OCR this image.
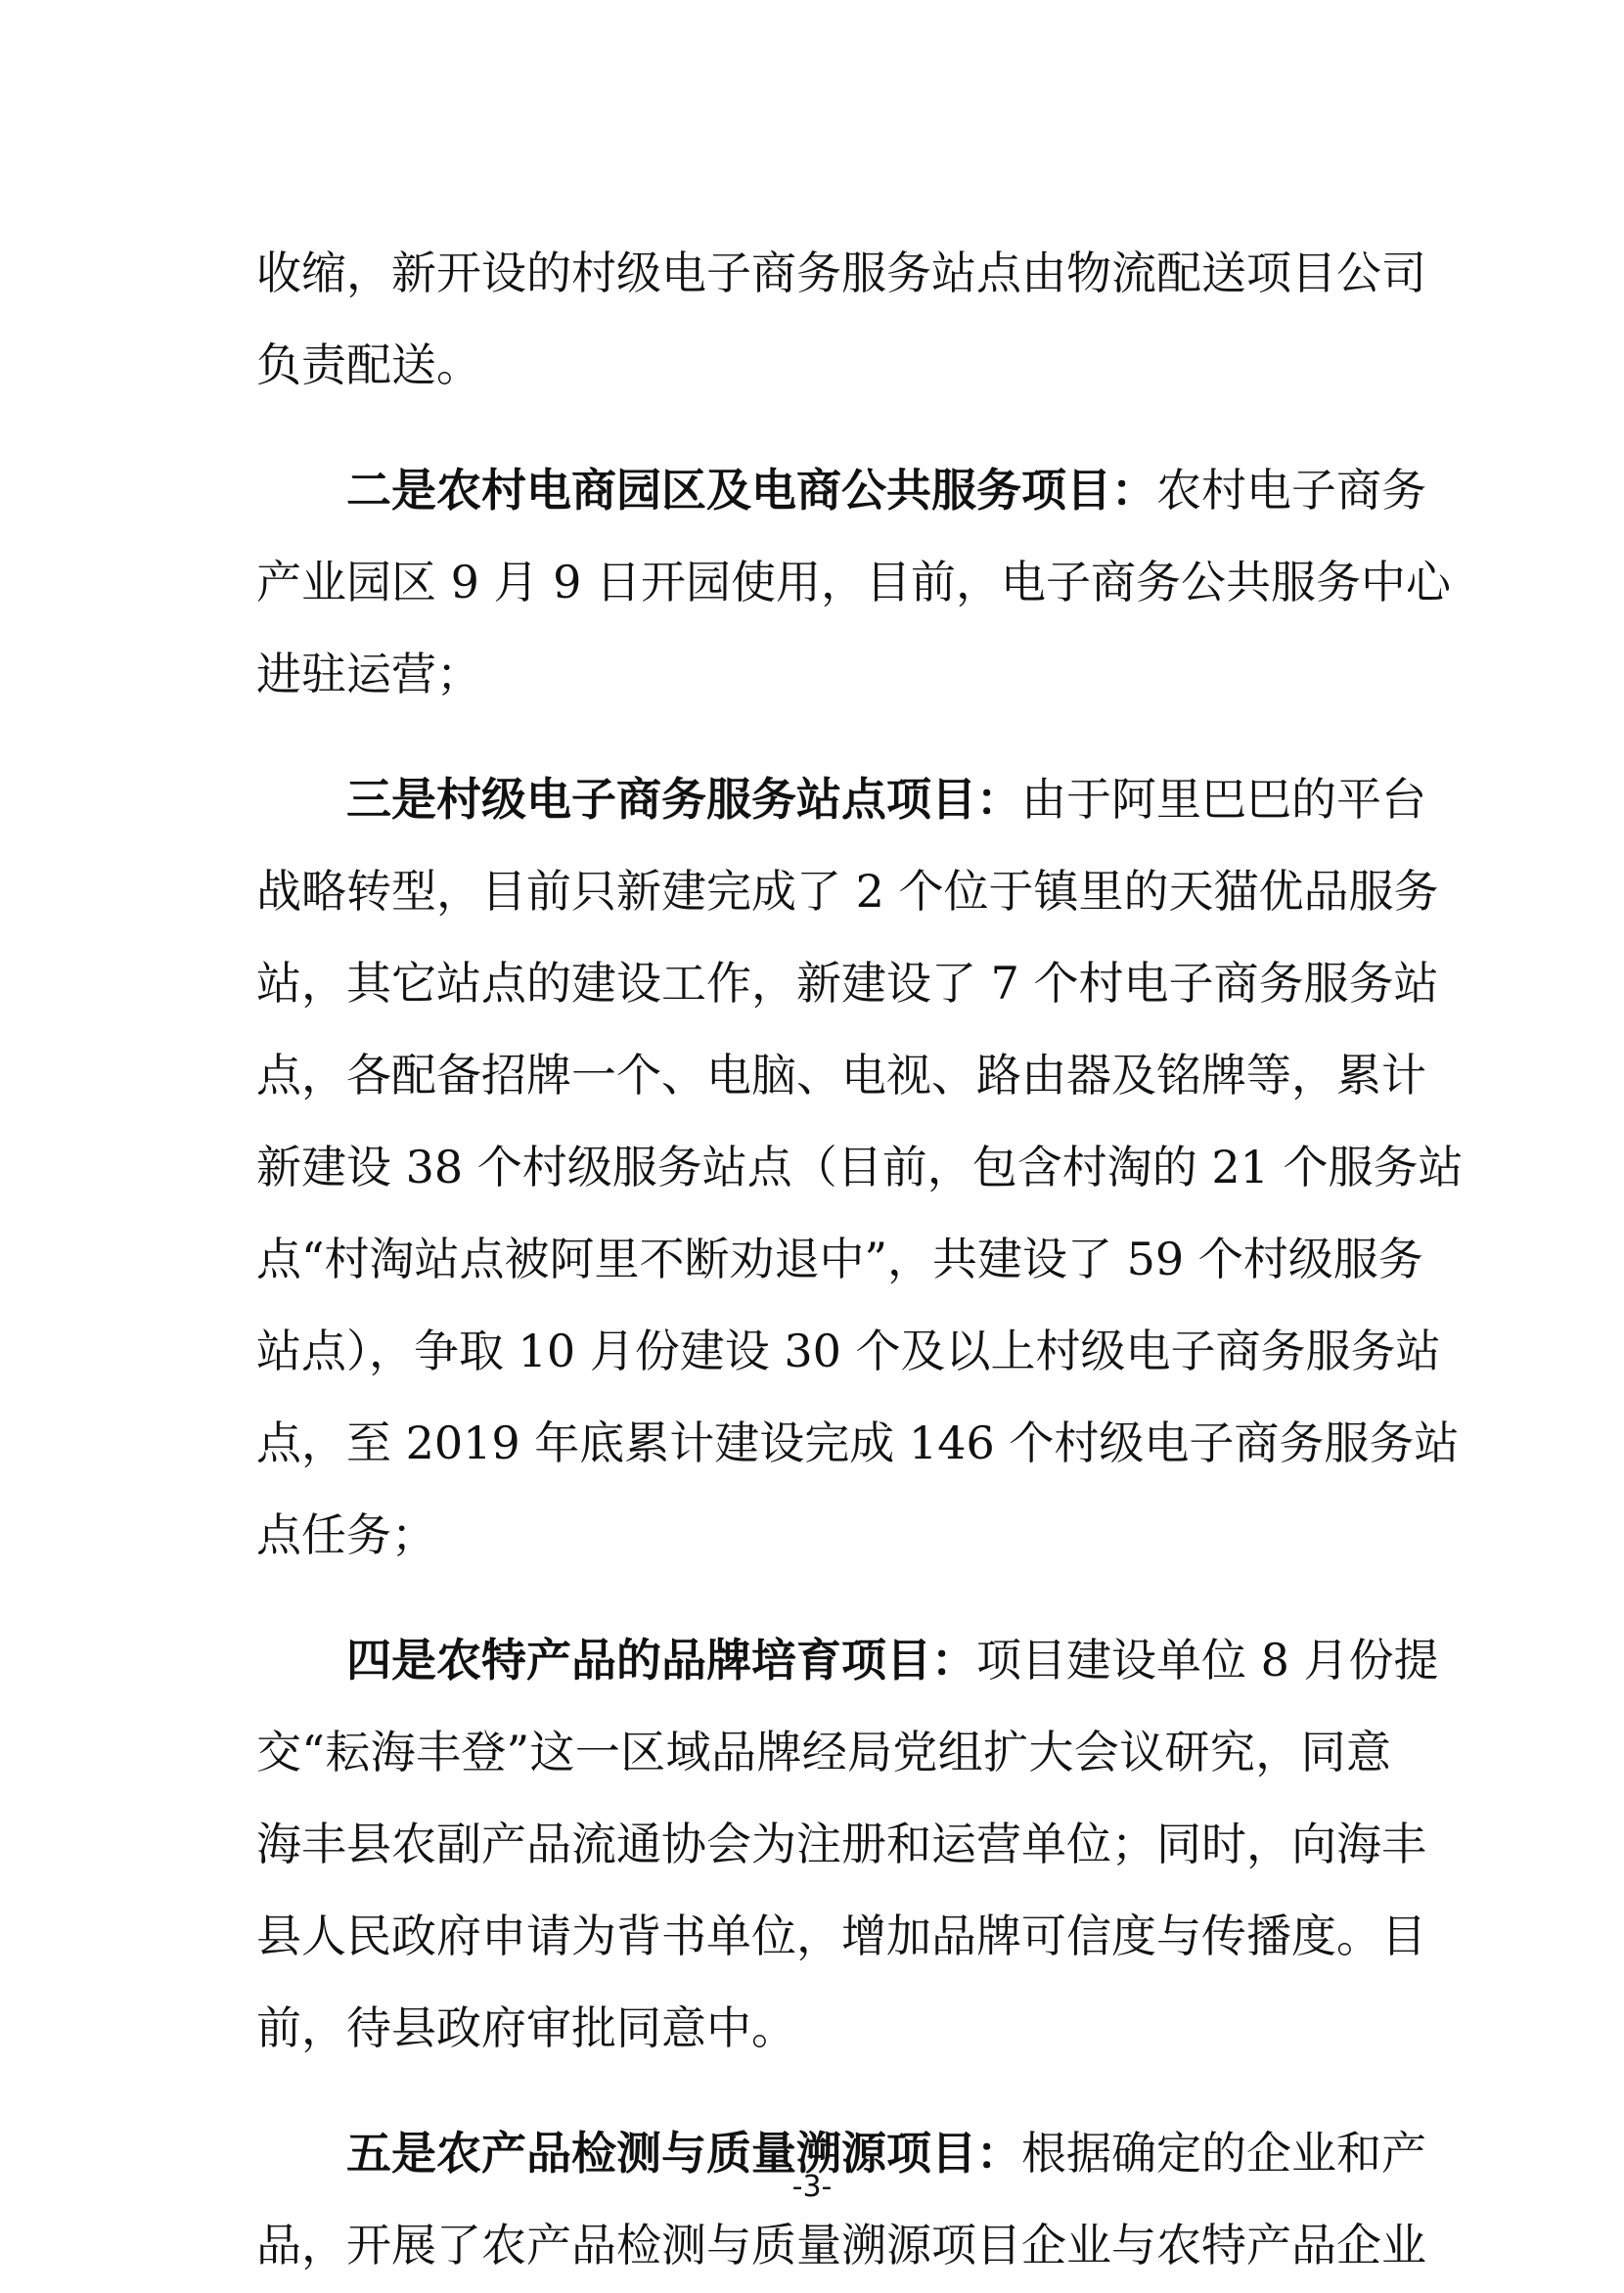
收缩，新开设的村级电子商务服务站点由物流配送项目公司
负责配送。
二是农村电商园区及电商公共服务项目：农村电子商务
产业园区 9 月 9 日开园使用，目前，电子商务公共服务中心
进驻运营；
三是村级电子商务服务站点项目：由于阿里巴巴的平台
战略转型，目前只新建完成了 2 个位于镇里的天猫优品服务
站，其它站点的建设工作，新建设了 7 个村电子商务服务站
点，各配备招牌一个、电脑、电视、路由器及铭牌等，累计
新建设 38 个村级服务站点（目前，包含村淘的 21 个服务站
点“村淘站点被阿里不断劝退中”，共建设了 59 个村级服务
站点），争取 10 月份建设 30 个及以上村级电子商务服务站
点，至 2019 年底累计建设完成 146 个村级电子商务服务站
点任务；
四是农特产品的品牌培育项目：项目建设单位 8 月份提
交“耘海丰登”这一区域品牌经局党组扩大会议研究，同意
海丰县农副产品流通协会为注册和运营单位；同时，向海丰
县人民政府申请为背书单位，增加品牌可信度与传播度。目
前，待县政府审批同意中。
五是农产品检测与质量溯源项目：根据确定的企业和产
品，开展了农产品检测与质量溯源项目企业与农特产品企业
-3-
